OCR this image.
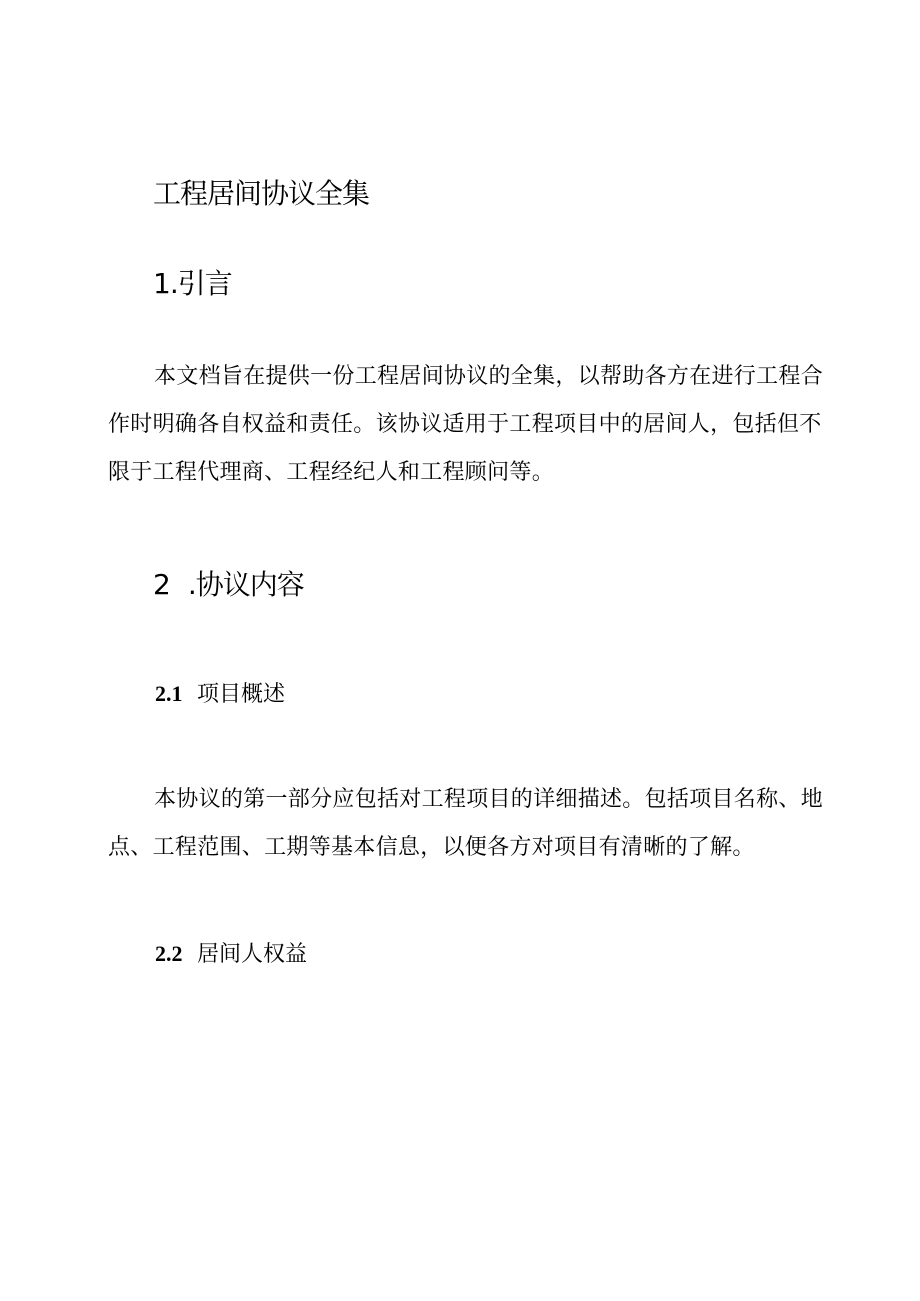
工程居间协议全集
1.引言

本文档旨在提供一份工程居间协议的全集，以帮助各方在进行工程合作时明确各自权益和责任。该协议适用于工程项目中的居间人，包括但不限于工程代理商、工程经纪人和工程顾问等。

2 .协议内容
2.1 项目概述

本协议的第一部分应包括对工程项目的详细描述。包括项目名称、地点、工程范围、工期等基本信息，以便各方对项目有清晰的了解。

2.2 居间人权益
